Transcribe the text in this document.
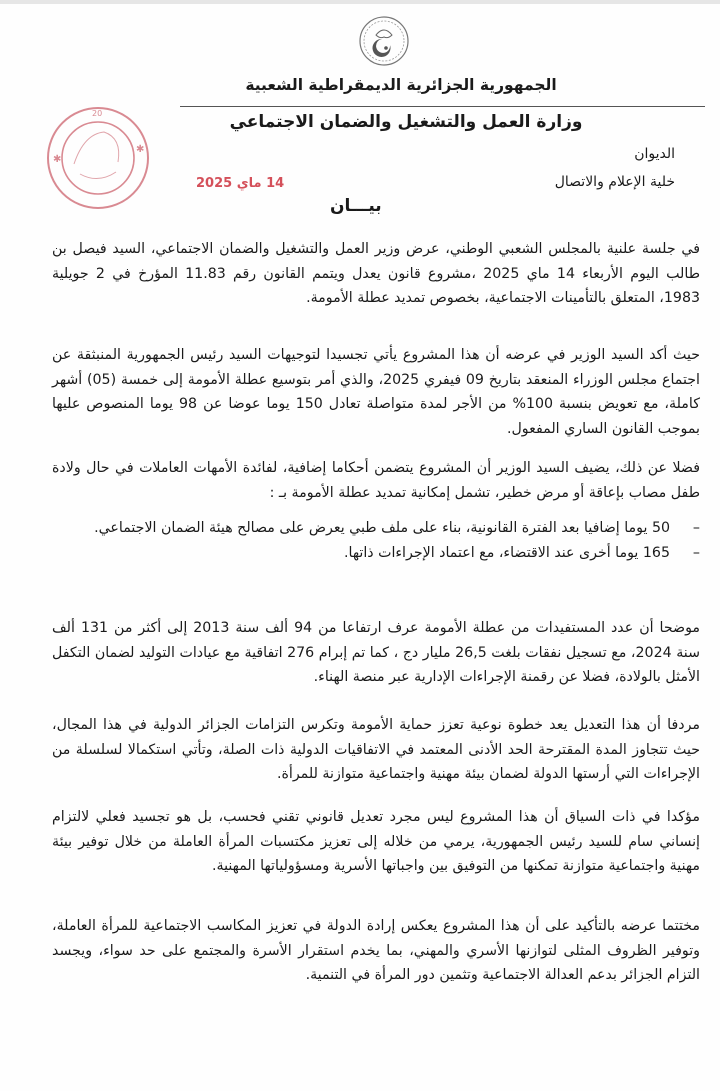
الجمهورية الجزائرية الديمقراطية الشعبية
وزارة العمل والتشغيل والضمان الاجتماعي
الديوان
خلية الإعلام والاتصال
✱
✱
20
14 ماي 2025
بيـــان

في جلسة علنية بالمجلس الشعبي الوطني، عرض وزير العمل والتشغيل والضمان الاجتماعي، السيد فيصل بن طالب اليوم الأربعاء 14 ماي 2025 ،مشروع قانون يعدل ويتمم القانون رقم 11.83 المؤرخ في 2 جويلية 1983، المتعلق بالتأمينات الاجتماعية، بخصوص تمديد عطلة الأمومة.

حيث أكد السيد الوزير في عرضه أن هذا المشروع يأتي تجسيدا لتوجيهات السيد رئيس الجمهورية المنبثقة عن اجتماع مجلس الوزراء المنعقد بتاريخ 09 فيفري 2025، والذي أمر بتوسيع عطلة الأمومة إلى خمسة (05) أشهر كاملة، مع تعويض بنسبة 100% من الأجر لمدة متواصلة تعادل 150 يوما عوضا عن 98 يوما المنصوص عليها بموجب القانون الساري المفعول.

فضلا عن ذلك، يضيف السيد الوزير أن المشروع يتضمن أحكاما إضافية، لفائدة الأمهات العاملات في حال ولادة طفل مصاب بإعاقة أو مرض خطير، تشمل إمكانية تمديد عطلة الأمومة بـ :

–
50 يوما إضافيا بعد الفترة القانونية، بناء على ملف طبي يعرض على مصالح هيئة الضمان الاجتماعي.
–
165 يوما أخرى عند الاقتضاء، مع اعتماد الإجراءات ذاتها.

موضحا أن عدد المستفيدات من عطلة الأمومة عرف ارتفاعا من 94 ألف سنة 2013 إلى أكثر من 131 ألف سنة 2024، مع تسجيل نفقات بلغت 26,5 مليار دج ، كما تم إبرام 276 اتفاقية مع عيادات التوليد لضمان التكفل الأمثل بالولادة، فضلا عن رقمنة الإجراءات الإدارية عبر منصة الهناء.

مردفا أن هذا التعديل يعد خطوة نوعية تعزز حماية الأمومة وتكرس التزامات الجزائر الدولية في هذا المجال، حيث تتجاوز المدة المقترحة الحد الأدنى المعتمد في الاتفاقيات الدولية ذات الصلة، وتأتي استكمالا لسلسلة من الإجراءات التي أرستها الدولة لضمان بيئة مهنية واجتماعية متوازنة للمرأة.

مؤكدا في ذات السياق أن هذا المشروع ليس مجرد تعديل قانوني تقني فحسب، بل هو تجسيد فعلي لالتزام إنساني سام للسيد رئيس الجمهورية، يرمي من خلاله إلى تعزيز مكتسبات المرأة العاملة من خلال توفير بيئة مهنية واجتماعية متوازنة تمكنها من التوفيق بين واجباتها الأسرية ومسؤولياتها المهنية.

مختتما عرضه بالتأكيد على أن هذا المشروع يعكس إرادة الدولة في تعزيز المكاسب الاجتماعية للمرأة العاملة، وتوفير الظروف المثلى لتوازنها الأسري والمهني، بما يخدم استقرار الأسرة والمجتمع على حد سواء، ويجسد التزام الجزائر بدعم العدالة الاجتماعية وتثمين دور المرأة في التنمية.
